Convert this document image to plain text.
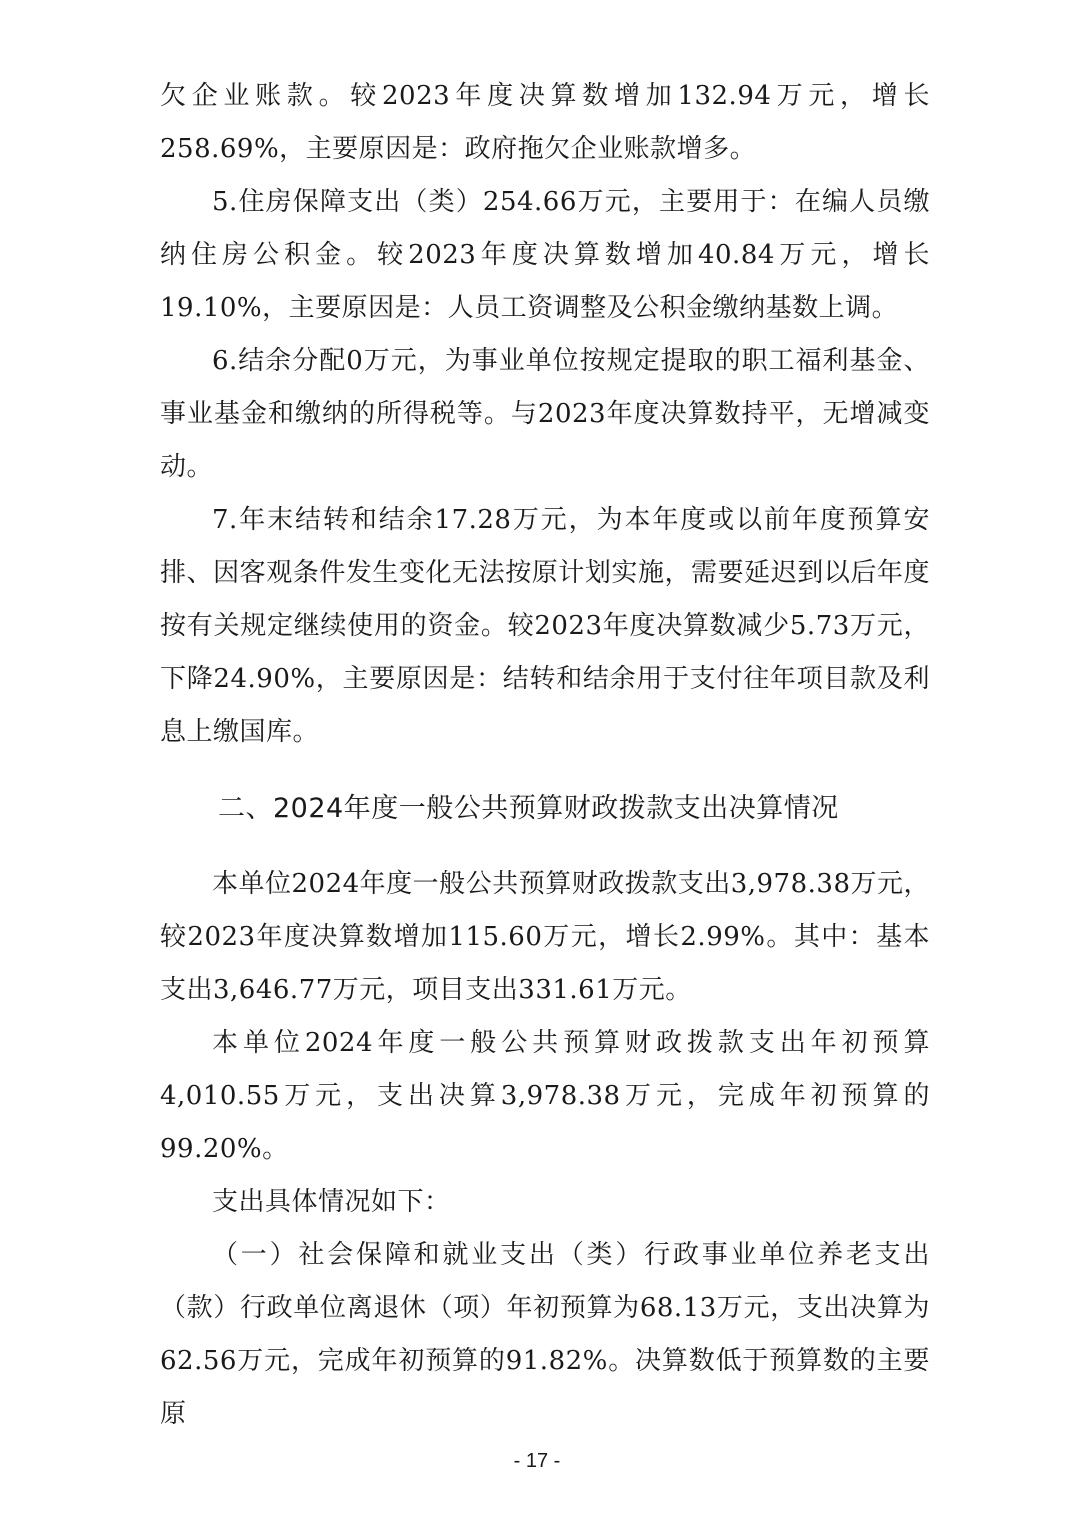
欠企业账款。较2023年度决算数增加132.94万元，增长258.69%，主要原因是：政府拖欠企业账款增多。

5.住房保障支出（类）254.66万元，主要用于：在编人员缴纳住房公积金。较2023年度决算数增加40.84万元，增长19.10%，主要原因是：人员工资调整及公积金缴纳基数上调。

6.结余分配0万元，为事业单位按规定提取的职工福利基金、事业基金和缴纳的所得税等。与2023年度决算数持平，无增减变动。

7.年末结转和结余17.28万元，为本年度或以前年度预算安排、因客观条件发生变化无法按原计划实施，需要延迟到以后年度按有关规定继续使用的资金。较2023年度决算数减少5.73万元，下降24.90%，主要原因是：结转和结余用于支付往年项目款及利息上缴国库。

二、2024年度一般公共预算财政拨款支出决算情况

本单位2024年度一般公共预算财政拨款支出3,978.38万元，较2023年度决算数增加115.60万元，增长2.99%。其中：基本支出3,646.77万元，项目支出331.61万元。

本单位2024年度一般公共预算财政拨款支出年初预算4,010.55万元，支出决算3,978.38万元，完成年初预算的99.20%。

支出具体情况如下：

（一）社会保障和就业支出（类）行政事业单位养老支出（款）行政单位离退休（项）年初预算为68.13万元，支出决算为62.56万元，完成年初预算的91.82%。决算数低于预算数的主要原

- 17 -
